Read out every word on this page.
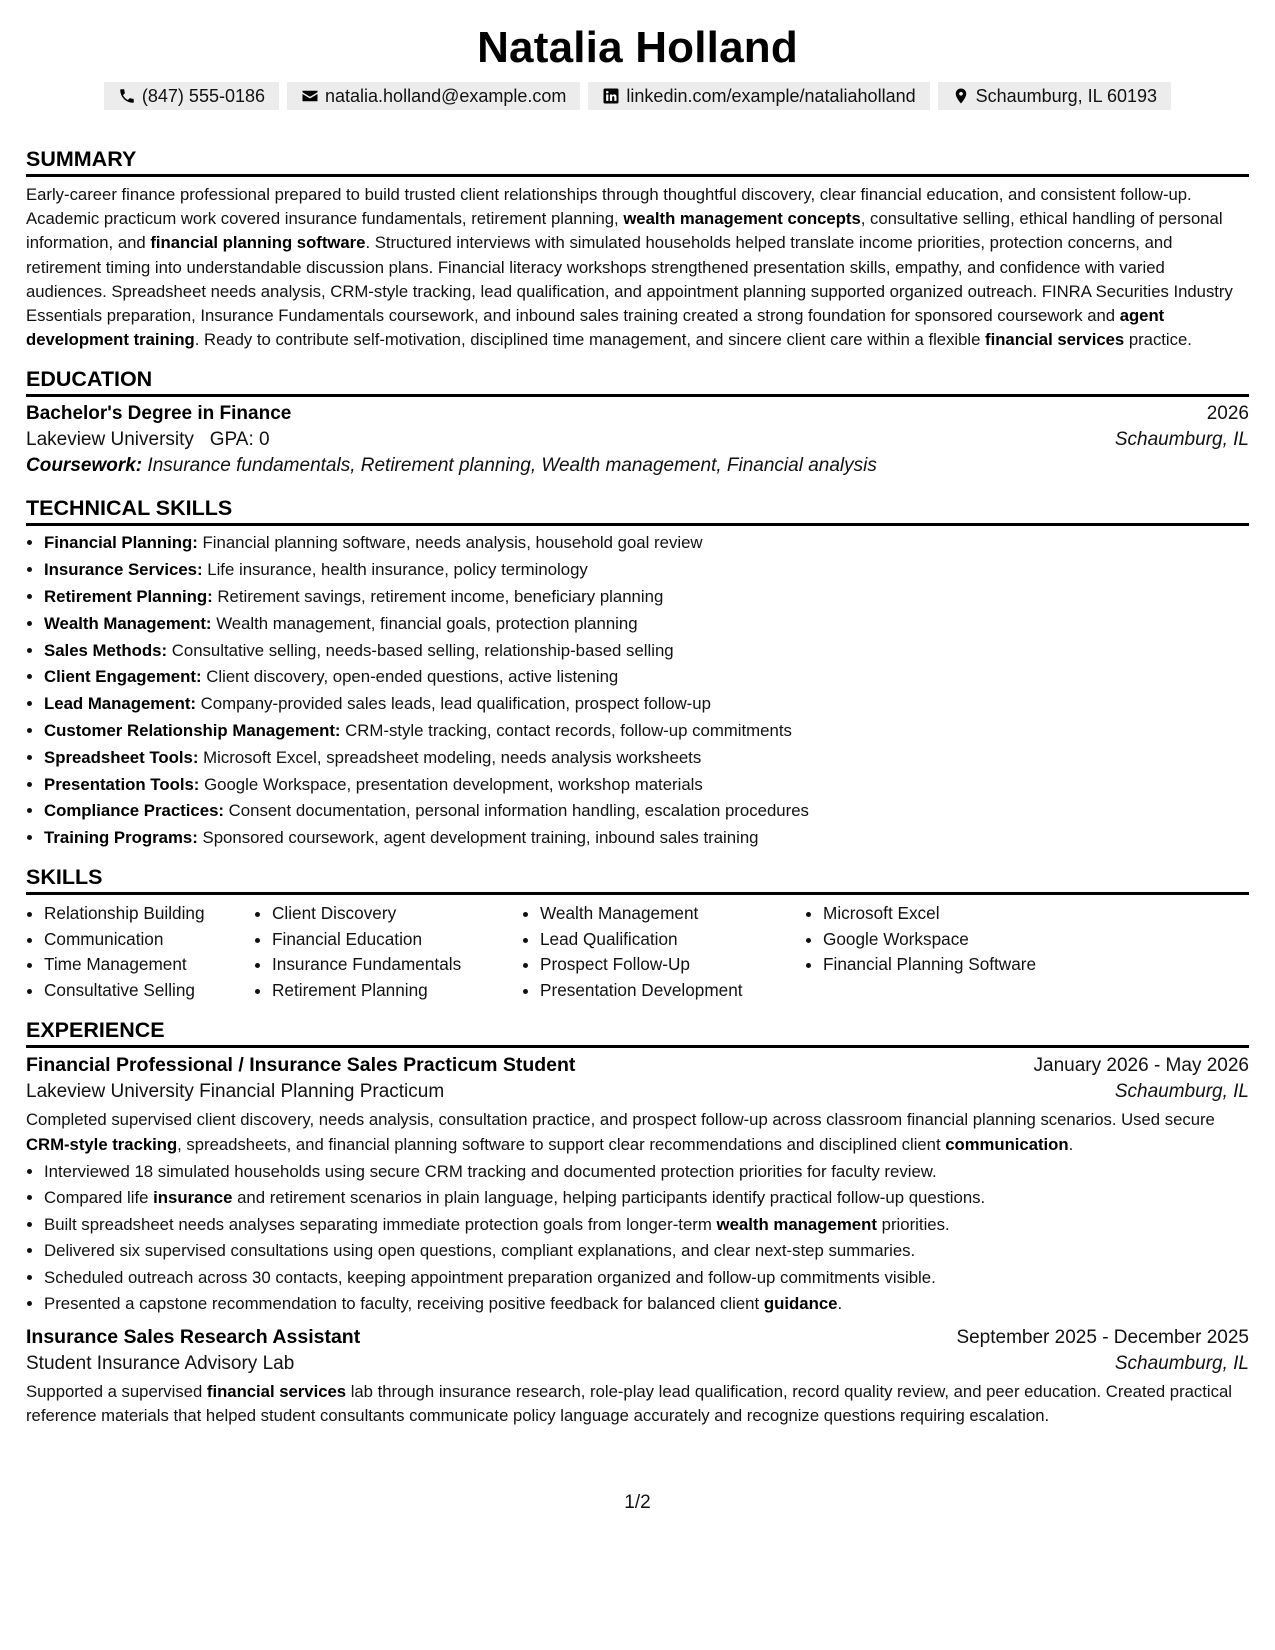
Natalia Holland
(847) 555-0186	natalia.holland@example.com	linkedin.com/example/nataliaholland	Schaumburg, IL 60193
SUMMARY

Early-career finance professional prepared to build trusted client relationships through thoughtful discovery, clear financial education, and consistent follow-up. Academic practicum work covered insurance fundamentals, retirement planning, wealth management concepts, consultative selling, ethical handling of personal information, and financial planning software. Structured interviews with simulated households helped translate income priorities, protection concerns, and retirement timing into understandable discussion plans. Financial literacy workshops strengthened presentation skills, empathy, and confidence with varied audiences. Spreadsheet needs analysis, CRM-style tracking, lead qualification, and appointment planning supported organized outreach. FINRA Securities Industry Essentials preparation, Insurance Fundamentals coursework, and inbound sales training created a strong foundation for sponsored coursework and agent development training. Ready to contribute self-motivation, disciplined time management, and sincere client care within a flexible financial services practice.

EDUCATION
Bachelor's Degree in Finance	2026
Lakeview University GPA: 0	Schaumburg, IL
Coursework: Insurance fundamentals, Retirement planning, Wealth management, Financial analysis
TECHNICAL SKILLS
• Financial Planning: Financial planning software, needs analysis, household goal review
• Insurance Services: Life insurance, health insurance, policy terminology
• Retirement Planning: Retirement savings, retirement income, beneficiary planning
• Wealth Management: Wealth management, financial goals, protection planning
• Sales Methods: Consultative selling, needs-based selling, relationship-based selling
• Client Engagement: Client discovery, open-ended questions, active listening
• Lead Management: Company-provided sales leads, lead qualification, prospect follow-up
• Customer Relationship Management: CRM-style tracking, contact records, follow-up commitments
• Spreadsheet Tools: Microsoft Excel, spreadsheet modeling, needs analysis worksheets
• Presentation Tools: Google Workspace, presentation development, workshop materials
• Compliance Practices: Consent documentation, personal information handling, escalation procedures
• Training Programs: Sponsored coursework, agent development training, inbound sales training
SKILLS
• Relationship Building
• Communication
• Time Management
• Consultative Selling
• Client Discovery
• Financial Education
• Insurance Fundamentals
• Retirement Planning
• Wealth Management
• Lead Qualification
• Prospect Follow-Up
• Presentation Development
• Microsoft Excel
• Google Workspace
• Financial Planning Software
EXPERIENCE
Financial Professional / Insurance Sales Practicum Student	January 2026 - May 2026
Lakeview University Financial Planning Practicum	Schaumburg, IL

Completed supervised client discovery, needs analysis, consultation practice, and prospect follow-up across classroom financial planning scenarios. Used secure CRM-style tracking, spreadsheets, and financial planning software to support clear recommendations and disciplined client communication.

• Interviewed 18 simulated households using secure CRM tracking and documented protection priorities for faculty review.
• Compared life insurance and retirement scenarios in plain language, helping participants identify practical follow-up questions.
• Built spreadsheet needs analyses separating immediate protection goals from longer-term wealth management priorities.
• Delivered six supervised consultations using open questions, compliant explanations, and clear next-step summaries.
• Scheduled outreach across 30 contacts, keeping appointment preparation organized and follow-up commitments visible.
• Presented a capstone recommendation to faculty, receiving positive feedback for balanced client guidance.
Insurance Sales Research Assistant	September 2025 - December 2025
Student Insurance Advisory Lab	Schaumburg, IL

Supported a supervised financial services lab through insurance research, role-play lead qualification, record quality review, and peer education. Created practical reference materials that helped student consultants communicate policy language accurately and recognize questions requiring escalation.

1/2
